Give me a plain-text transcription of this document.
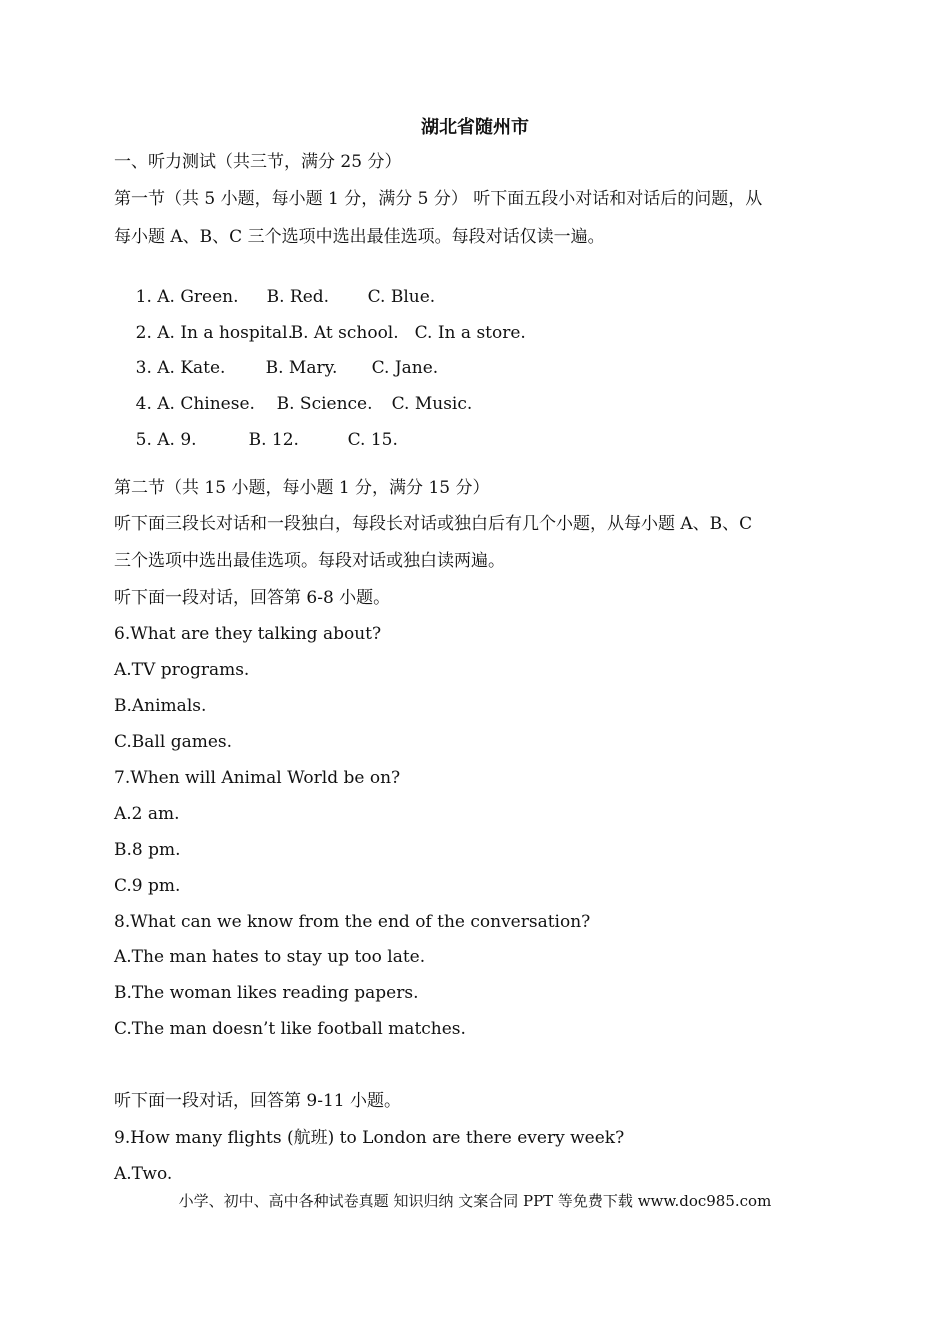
湖北省随州市
一、听力测试（共三节，满分 25 分）
第一节（共 5 小题，每小题 1 分，满分 5 分） 听下面五段小对话和对话后的问题，从
每小题 A、B、C 三个选项中选出最佳选项。每段对话仅读一遍。

1. A. Green. B. Red. C. Blue.

2. A. In a hospital.B. At school. C. In a store.

3. A. Kate. B. Mary. C. Jane.

4. A. Chinese. B. Science. C. Music.

5. A. 9.	B. 12.	C. 15.

第二节（共 15 小题，每小题 1 分，满分 15 分）
听下面三段长对话和一段独白，每段长对话或独白后有几个小题，从每小题 A、B、C
三个选项中选出最佳选项。每段对话或独白读两遍。
听下面一段对话，回答第 6-8 小题。
6.What are they talking about?
A.TV programs.
B.Animals.
C.Ball games.
7.When will Animal World be on?
A.2 am.
B.8 pm.
C.9 pm.
8.What can we know from the end of the conversation?
A.The man hates to stay up too late.
B.The woman likes reading papers.
C.The man doesn’t like football matches.
听下面一段对话，回答第 9-11 小题。
9.How many flights (航班) to London are there every week?
A.Two.
小学、初中、高中各种试卷真题 知识归纳 文案合同 PPT 等免费下载 www.doc985.com
